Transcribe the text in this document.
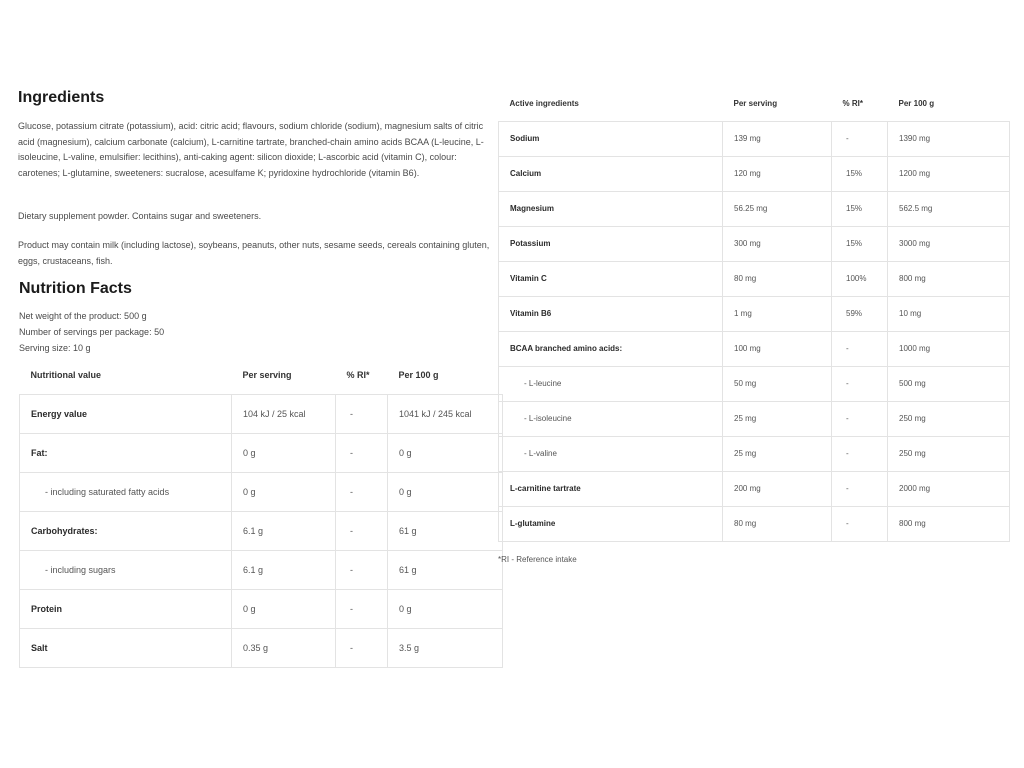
Ingredients

Glucose, potassium citrate (potassium), acid: citric acid; flavours, sodium chloride (sodium), magnesium salts of citric acid (magnesium), calcium carbonate (calcium), L-carnitine tartrate, branched-chain amino acids BCAA (L-leucine, L-isoleucine, L-valine, emulsifier: lecithins), anti-caking agent: silicon dioxide; L-ascorbic acid (vitamin C), colour: carotenes; L-glutamine, sweeteners: sucralose, acesulfame K; pyridoxine hydrochloride (vitamin B6).

Dietary supplement powder. Contains sugar and sweeteners.

Product may contain milk (including lactose), soybeans, peanuts, other nuts, sesame seeds, cereals containing gluten, eggs, crustaceans, fish.

Nutrition Facts
Net weight of the product: 500 g
Number of servings per package: 50
Serving size: 10 g
Nutritional value	Per serving	% RI*	Per 100 g
Energy value	104 kJ / 25 kcal	-	1041 kJ / 245 kcal
Fat:	0 g	-	0 g
- including saturated fatty acids	0 g	-	0 g
Carbohydrates:	6.1 g	-	61 g
- including sugars	6.1 g	-	61 g
Protein	0 g	-	0 g
Salt	0.35 g	-	3.5 g
Active ingredients	Per serving	% RI*	Per 100 g
Sodium	139 mg	-	1390 mg
Calcium	120 mg	15%	1200 mg
Magnesium	56.25 mg	15%	562.5 mg
Potassium	300 mg	15%	3000 mg
Vitamin C	80 mg	100%	800 mg
Vitamin B6	1 mg	59%	10 mg
BCAA branched amino acids:	100 mg	-	1000 mg
- L-leucine	50 mg	-	500 mg
- L-isoleucine	25 mg	-	250 mg
- L-valine	25 mg	-	250 mg
L-carnitine tartrate	200 mg	-	2000 mg
L-glutamine	80 mg	-	800 mg
*RI - Reference intake
